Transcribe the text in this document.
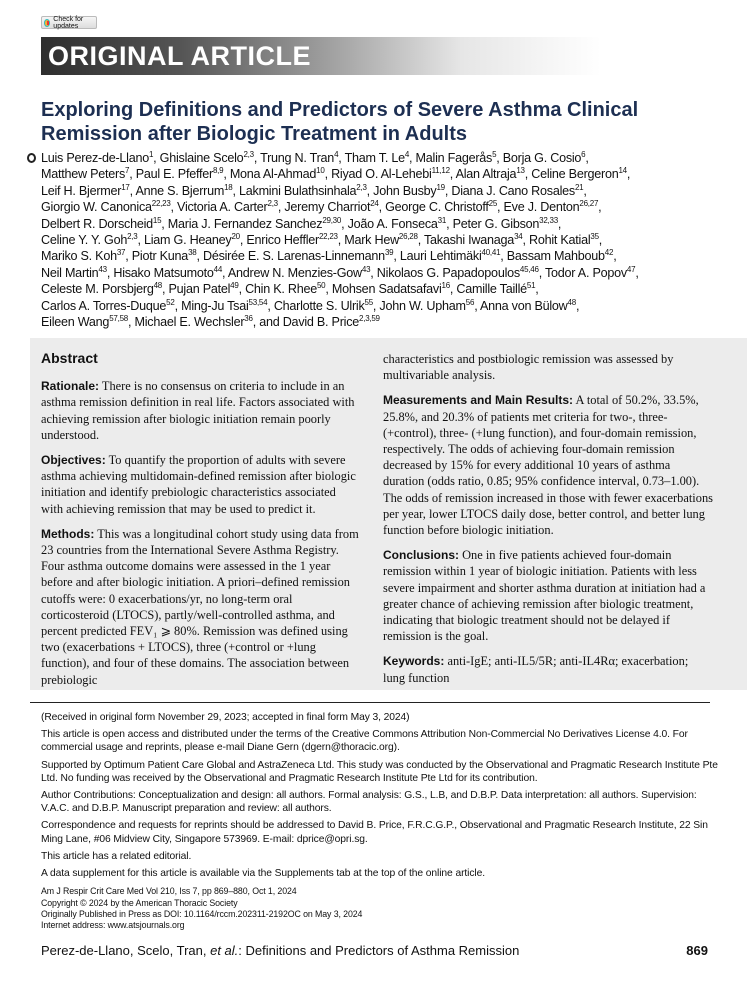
Check for updates
ORIGINAL ARTICLE
Exploring Definitions and Predictors of Severe Asthma Clinical Remission after Biologic Treatment in Adults
Luis Perez-de-Llano$^1$, Ghislaine Scelo$^{2,3}$, Trung N. Tran$^4$, Tham T. Le$^4$, Malin Fagerås$^5$, Borja G. Cosio$^6$,
Matthew Peters$^7$, Paul E. Pfeffer$^{8,9}$, Mona Al-Ahmad$^{10}$, Riyad O. Al-Lehebi$^{11,12}$, Alan Altraja$^{13}$, Celine Bergeron$^{14}$,
Leif H. Bjermer$^{17}$, Anne S. Bjerrum$^{18}$, Lakmini Bulathsinhala$^{2,3}$, John Busby$^{19}$, Diana J. Cano Rosales$^{21}$,
Giorgio W. Canonica$^{22,23}$, Victoria A. Carter$^{2,3}$, Jeremy Charriot$^{24}$, George C. Christoff$^{25}$, Eve J. Denton$^{26,27}$,
Delbert R. Dorscheid$^{15}$, Maria J. Fernandez Sanchez$^{29,30}$, João A. Fonseca$^{31}$, Peter G. Gibson$^{32,33}$,
Celine Y. Y. Goh$^{2,3}$, Liam G. Heaney$^{20}$, Enrico Heffler$^{22,23}$, Mark Hew$^{26,28}$, Takashi Iwanaga$^{34}$, Rohit Katial$^{35}$,
Mariko S. Koh$^{37}$, Piotr Kuna$^{38}$, Désirée E. S. Larenas-Linnemann$^{39}$, Lauri Lehtimäki$^{40,41}$, Bassam Mahboub$^{42}$,
Neil Martin$^{43}$, Hisako Matsumoto$^{44}$, Andrew N. Menzies-Gow$^{43}$, Nikolaos G. Papadopoulos$^{45,46}$, Todor A. Popov$^{47}$,
Celeste M. Porsbjerg$^{48}$, Pujan Patel$^{49}$, Chin K. Rhee$^{50}$, Mohsen Sadatsafavi$^{16}$, Camille Taillé$^{51}$,
Carlos A. Torres-Duque$^{52}$, Ming-Ju Tsai$^{53,54}$, Charlotte S. Ulrik$^{55}$, John W. Upham$^{56}$, Anna von Bülow$^{48}$,
Eileen Wang$^{57,58}$, Michael E. Wechsler$^{36}$, and David B. Price$^{2,3,59}$
Abstract

Rationale: There is no consensus on criteria to include in an asthma remission definition in real life. Factors associated with achieving remission after biologic initiation remain poorly understood.

Objectives: To quantify the proportion of adults with severe asthma achieving multidomain-defined remission after biologic initiation and identify prebiologic characteristics associated with achieving remission that may be used to predict it.

Methods: This was a longitudinal cohort study using data from 23 countries from the International Severe Asthma Registry. Four asthma outcome domains were assessed in the 1 year before and after biologic initiation. A priori–defined remission cutoffs were: 0 exacerbations/yr, no long-term oral corticosteroid (LTOCS), partly/well-controlled asthma, and percent predicted FEV₁ ⩾ 80%. Remission was defined using two (exacerbations + LTOCS), three (+control or +lung function), and four of these domains. The association between prebiologic

characteristics and postbiologic remission was assessed by multivariable analysis.

Measurements and Main Results: A total of 50.2%, 33.5%, 25.8%, and 20.3% of patients met criteria for two-, three- (+control), three- (+lung function), and four-domain remission, respectively. The odds of achieving four-domain remission decreased by 15% for every additional 10 years of asthma duration (odds ratio, 0.85; 95% confidence interval, 0.73–1.00). The odds of remission increased in those with fewer exacerbations per year, lower LTOCS daily dose, better control, and better lung function before biologic initiation.

Conclusions: One in five patients achieved four-domain remission within 1 year of biologic initiation. Patients with less severe impairment and shorter asthma duration at initiation had a greater chance of achieving remission after biologic treatment, indicating that biologic treatment should not be delayed if remission is the goal.

Keywords: anti-IgE; anti-IL5/5R; anti-IL4Rα; exacerbation; lung function

(Received in original form November 29, 2023; accepted in final form May 3, 2024)

This article is open access and distributed under the terms of the Creative Commons Attribution Non-Commercial No Derivatives License 4.0. For commercial usage and reprints, please e-mail Diane Gern (dgern@thoracic.org).

Supported by Optimum Patient Care Global and AstraZeneca Ltd. This study was conducted by the Observational and Pragmatic Research Institute Pte Ltd. No funding was received by the Observational and Pragmatic Research Institute Pte Ltd for its contribution.

Author Contributions: Conceptualization and design: all authors. Formal analysis: G.S., L.B, and D.B.P. Data interpretation: all authors. Supervision: V.A.C. and D.B.P. Manuscript preparation and review: all authors.

Correspondence and requests for reprints should be addressed to David B. Price, F.R.C.G.P., Observational and Pragmatic Research Institute, 22 Sin Ming Lane, #06 Midview City, Singapore 573969. E-mail: dprice@opri.sg.

This article has a related editorial.

A data supplement for this article is available via the Supplements tab at the top of the online article.

Am J Respir Crit Care Med Vol 210, Iss 7, pp 869–880, Oct 1, 2024
Copyright © 2024 by the American Thoracic Society
Originally Published in Press as DOI: 10.1164/rccm.202311-2192OC on May 3, 2024
Internet address: www.atsjournals.org
Perez-de-Llano, Scelo, Tran, et al.: Definitions and Predictors of Asthma Remission	869
